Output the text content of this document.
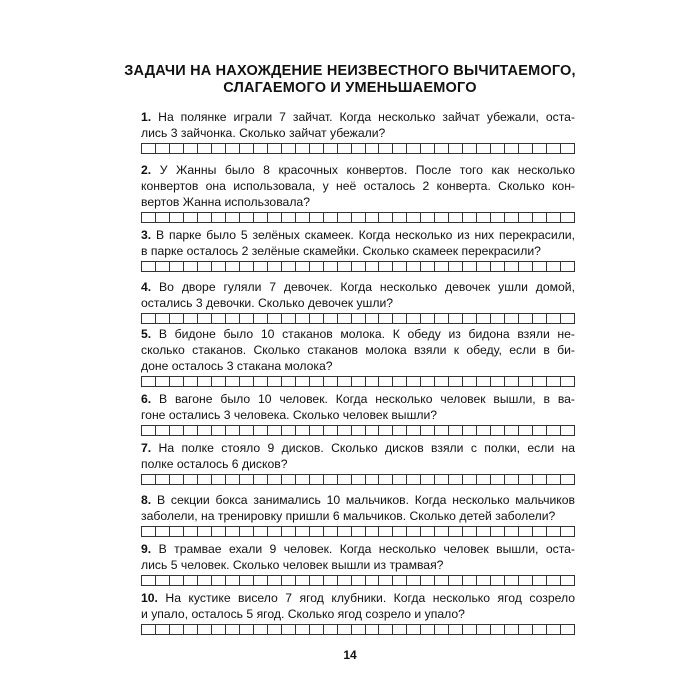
ЗАДАЧИ НА НАХОЖДЕНИЕ НЕИЗВЕСТНОГО ВЫЧИТАЕМОГО,
СЛАГАЕМОГО И УМЕНЬШАЕМОГО
1. На полянке играли 7 зайчат. Когда несколько зайчат убежали, оста-
лись 3 зайчонка. Сколько зайчат убежали?
2. У Жанны было 8 красочных конвертов. После того как несколько
конвертов она использовала, у неё осталось 2 конверта. Сколько кон-
вертов Жанна использовала?
3. В парке было 5 зелёных скамеек. Когда несколько из них перекрасили,
в парке осталось 2 зелёные скамейки. Сколько скамеек перекрасили?
4. Во дворе гуляли 7 девочек. Когда несколько девочек ушли домой,
остались 3 девочки. Сколько девочек ушли?
5. В бидоне было 10 стаканов молока. К обеду из бидона взяли не-
сколько стаканов. Сколько стаканов молока взяли к обеду, если в би-
доне осталось 3 стакана молока?
6. В вагоне было 10 человек. Когда несколько человек вышли, в ва-
гоне остались 3 человека. Сколько человек вышли?
7. На полке стояло 9 дисков. Сколько дисков взяли с полки, если на
полке осталось 6 дисков?
8. В секции бокса занимались 10 мальчиков. Когда несколько мальчиков
заболели, на тренировку пришли 6 мальчиков. Сколько детей заболели?
9. В трамвае ехали 9 человек. Когда несколько человек вышли, оста-
лись 5 человек. Сколько человек вышли из трамвая?
10. На кустике висело 7 ягод клубники. Когда несколько ягод созрело
и упало, осталось 5 ягод. Сколько ягод созрело и упало?
14
